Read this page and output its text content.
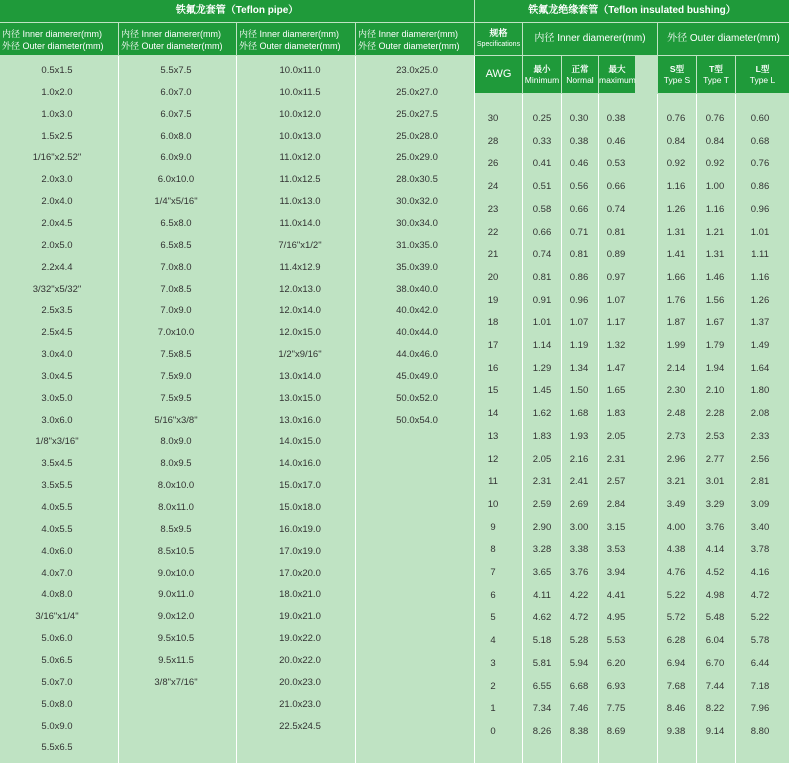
铁氟龙套管（Teflon pipe）
内径 Inner diamerer(mm)
外径 Outer diameter(mm)
0.5x1.5
1.0x2.0
1.0x3.0
1.5x2.5
1/16"x2.52"
2.0x3.0
2.0x4.0
2.0x4.5
2.0x5.0
2.2x4.4
3/32"x5/32"
2.5x3.5
2.5x4.5
3.0x4.0
3.0x4.5
3.0x5.0
3.0x6.0
1/8"x3/16"
3.5x4.5
3.5x5.5
4.0x5.5
4.0x5.5
4.0x6.0
4.0x7.0
4.0x8.0
3/16"x1/4"
5.0x6.0
5.0x6.5
5.0x7.0
5.0x8.0
5.0x9.0
5.5x6.5
内径 Inner diamerer(mm)
外径 Outer diameter(mm)
5.5x7.5
6.0x7.0
6.0x7.5
6.0x8.0
6.0x9.0
6.0x10.0
1/4"x5/16"
6.5x8.0
6.5x8.5
7.0x8.0
7.0x8.5
7.0x9.0
7.0x10.0
7.5x8.5
7.5x9.0
7.5x9.5
5/16"x3/8"
8.0x9.0
8.0x9.5
8.0x10.0
8.0x11.0
8.5x9.5
8.5x10.5
9.0x10.0
9.0x11.0
9.0x12.0
9.5x10.5
9.5x11.5
3/8"x7/16"
内径 Inner diamerer(mm)
外径 Outer diameter(mm)
10.0x11.0
10.0x11.5
10.0x12.0
10.0x13.0
11.0x12.0
11.0x12.5
11.0x13.0
11.0x14.0
7/16"x1/2"
11.4x12.9
12.0x13.0
12.0x14.0
12.0x15.0
1/2"x9/16"
13.0x14.0
13.0x15.0
13.0x16.0
14.0x15.0
14.0x16.0
15.0x17.0
15.0x18.0
16.0x19.0
17.0x19.0
17.0x20.0
18.0x21.0
19.0x21.0
19.0x22.0
20.0x22.0
20.0x23.0
21.0x23.0
22.5x24.5
内径 Inner diamerer(mm)
外径 Outer diameter(mm)
23.0x25.0
25.0x27.0
25.0x27.5
25.0x28.0
25.0x29.0
28.0x30.5
30.0x32.0
30.0x34.0
31.0x35.0
35.0x39.0
38.0x40.0
40.0x42.0
40.0x44.0
44.0x46.0
45.0x49.0
50.0x52.0
50.0x54.0
铁氟龙绝缘套管（Teflon insulated bushing）
规格
Specifications
内径 Inner diamerer(mm)	外径 Outer diameter(mm)
AWG	最小
Minimum
正常
Normal
最大
maximum
S型
Type S
T型
Type T
L型
Type L
30	0.25	0.30	0.38	0.76	0.76	0.60
28	0.33	0.38	0.46	0.84	0.84	0.68
26	0.41	0.46	0.53	0.92	0.92	0.76
24	0.51	0.56	0.66	1.16	1.00	0.86
23	0.58	0.66	0.74	1.26	1.16	0.96
22	0.66	0.71	0.81	1.31	1.21	1.01
21	0.74	0.81	0.89	1.41	1.31	1.11
20	0.81	0.86	0.97	1.66	1.46	1.16
19	0.91	0.96	1.07	1.76	1.56	1.26
18	1.01	1.07	1.17	1.87	1.67	1.37
17	1.14	1.19	1.32	1.99	1.79	1.49
16	1.29	1.34	1.47	2.14	1.94	1.64
15	1.45	1.50	1.65	2.30	2.10	1.80
14	1.62	1.68	1.83	2.48	2.28	2.08
13	1.83	1.93	2.05	2.73	2.53	2.33
12	2.05	2.16	2.31	2.96	2.77	2.56
11	2.31	2.41	2.57	3.21	3.01	2.81
10	2.59	2.69	2.84	3.49	3.29	3.09
9	2.90	3.00	3.15	4.00	3.76	3.40
8	3.28	3.38	3.53	4.38	4.14	3.78
7	3.65	3.76	3.94	4.76	4.52	4.16
6	4.11	4.22	4.41	5.22	4.98	4.72
5	4.62	4.72	4.95	5.72	5.48	5.22
4	5.18	5.28	5.53	6.28	6.04	5.78
3	5.81	5.94	6.20	6.94	6.70	6.44
2	6.55	6.68	6.93	7.68	7.44	7.18
1	7.34	7.46	7.75	8.46	8.22	7.96
0	8.26	8.38	8.69	9.38	9.14	8.80
